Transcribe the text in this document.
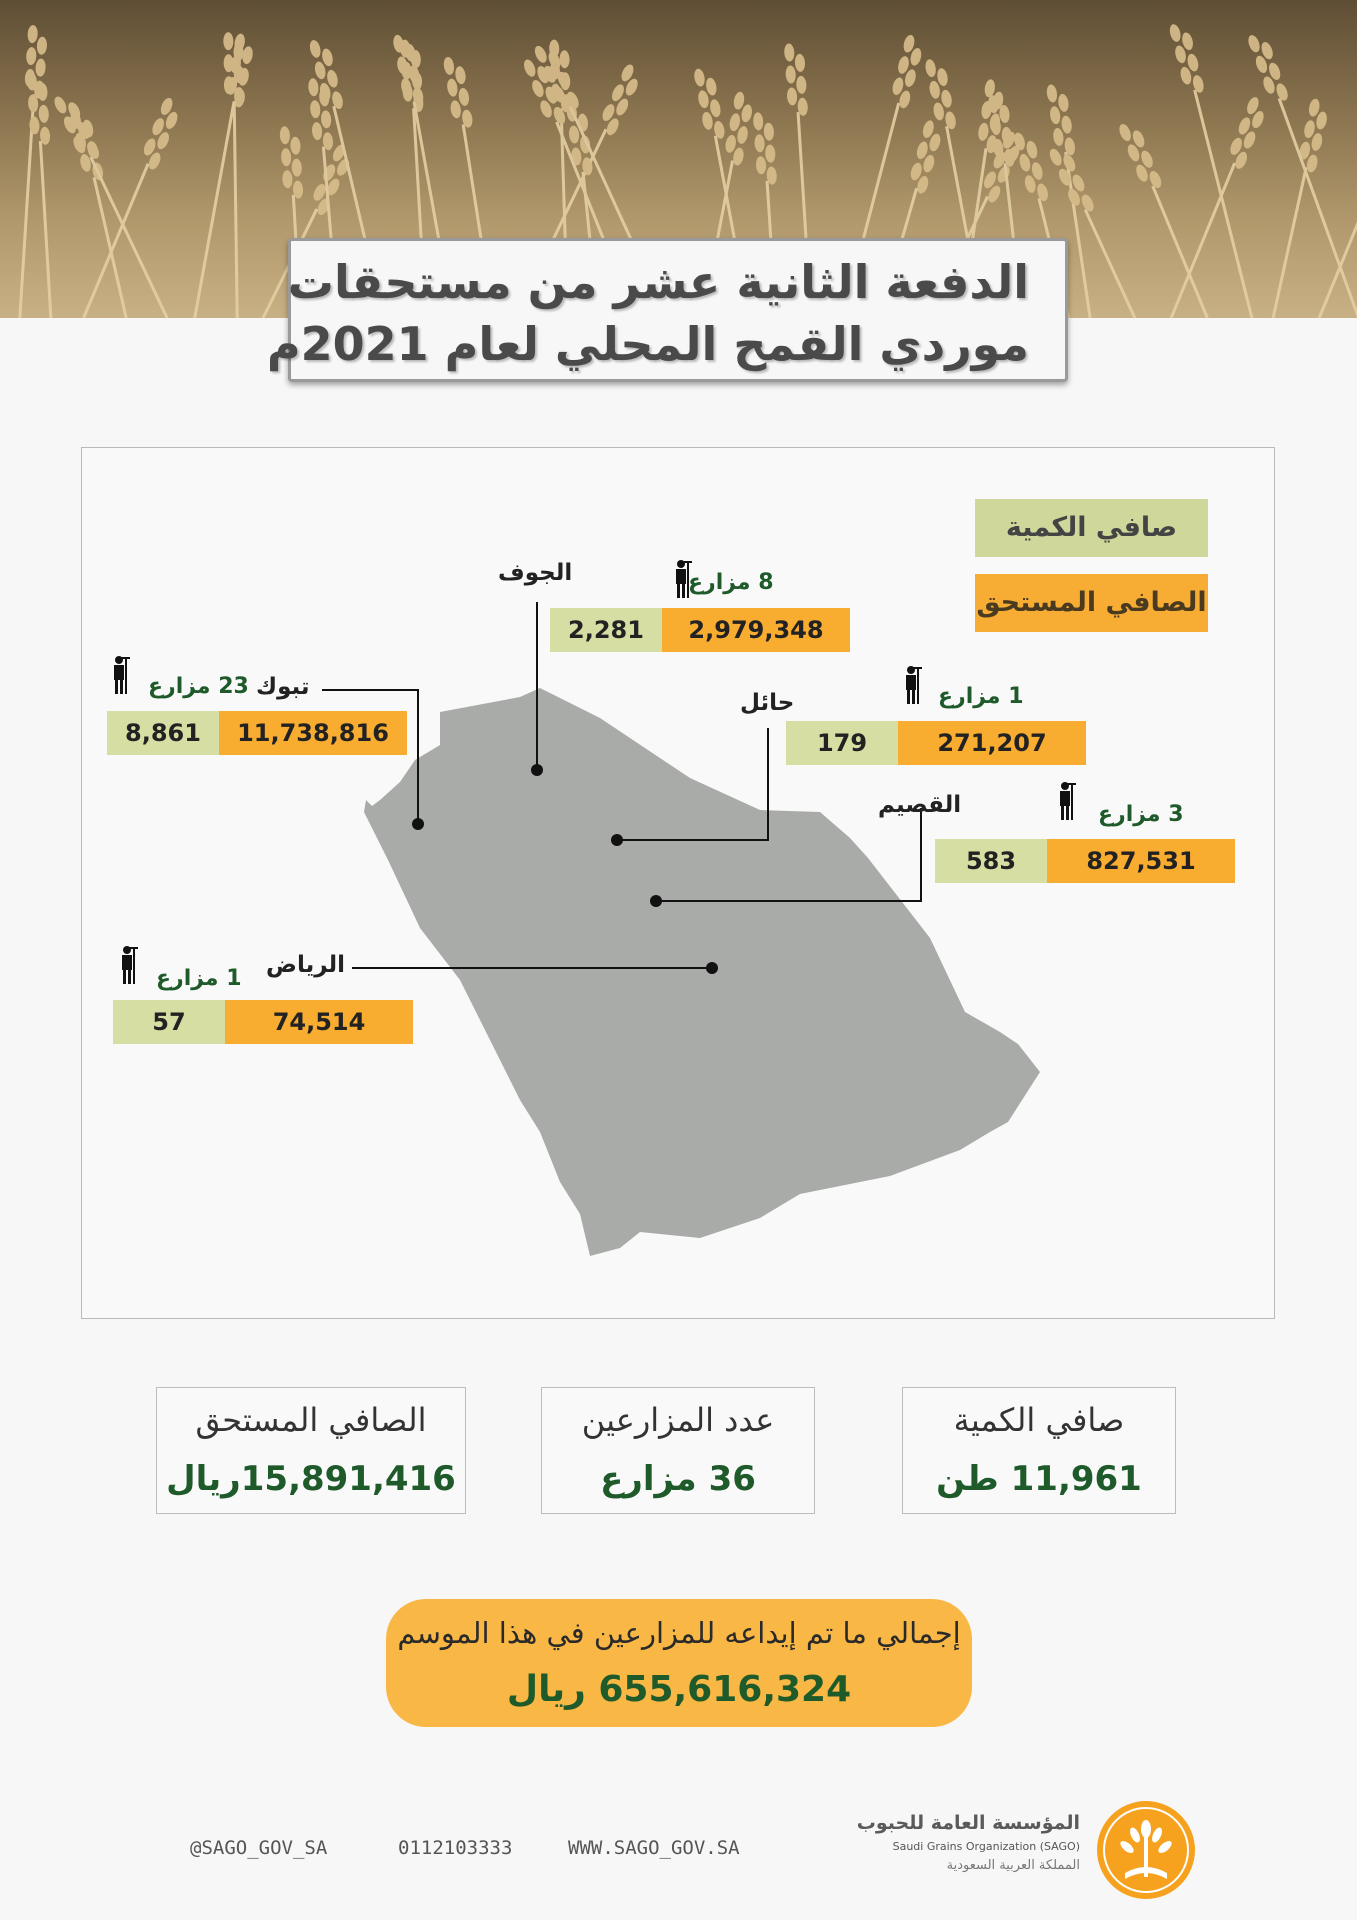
الدفعة الثانية عشر من مستحقات
موردي القمح المحلي لعام 2021م
صافي الكمية
الصافي المستحق
الجوف	8 مزارع
2,281	2,979,348
تبوك
23 مزارع
8,861	11,738,816
حائل	1 مزارع
179	271,207
القصيم	3 مزارع
583	827,531
الرياض
1 مزارع
57	74,514
الصافي المستحق
15,891,416ريال
عدد المزارعين
36 مزارع
صافي الكمية
11,961 طن
إجمالي ما تم إيداعه للمزارعين في هذا الموسم
655,616,324 ريال
@SAGO_GOV_SA	0112103333	WWW.SAGO_GOV.SA
المؤسسة العامة للحبوب
Saudi Grains Organization (SAGO)
المملكة العربية السعودية
